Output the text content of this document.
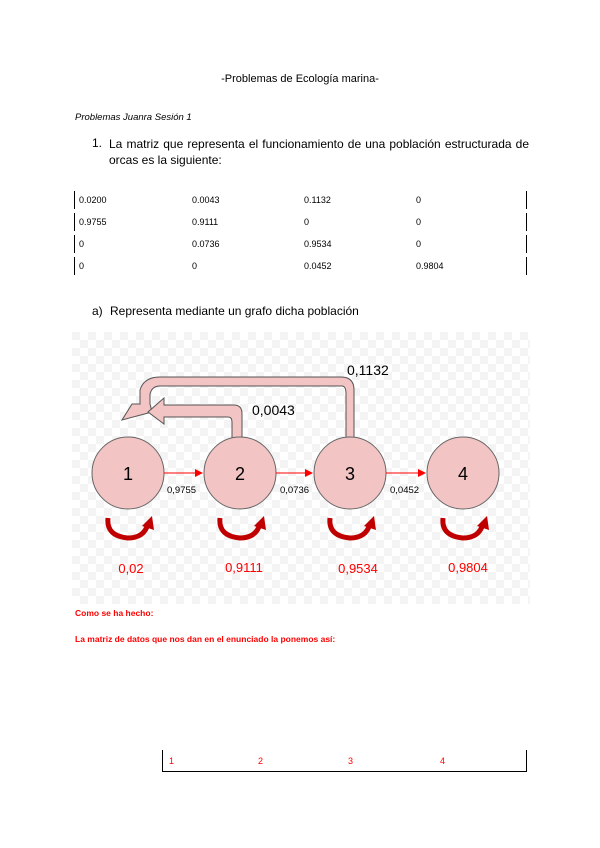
-Problemas de Ecología marina-
Problemas Juanra Sesión 1
1. La matriz que representa el funcionamiento de una población estructurada de orcas es la siguiente:
0.0200	0.0043	0.1132	0
0.9755	0.9111	0	0
0	0.0736	0.9534	0
0	0	0.0452	0.9804
a) Representa mediante un grafo dicha población
0,1132
0,0043
1	2	3	4
0,9755	0,0736	0,0452
0,02	0,9111	0,9534	0,9804
Como se ha hecho:
La matriz de datos que nos dan en el enunciado la ponemos así:
1	2	3	4
